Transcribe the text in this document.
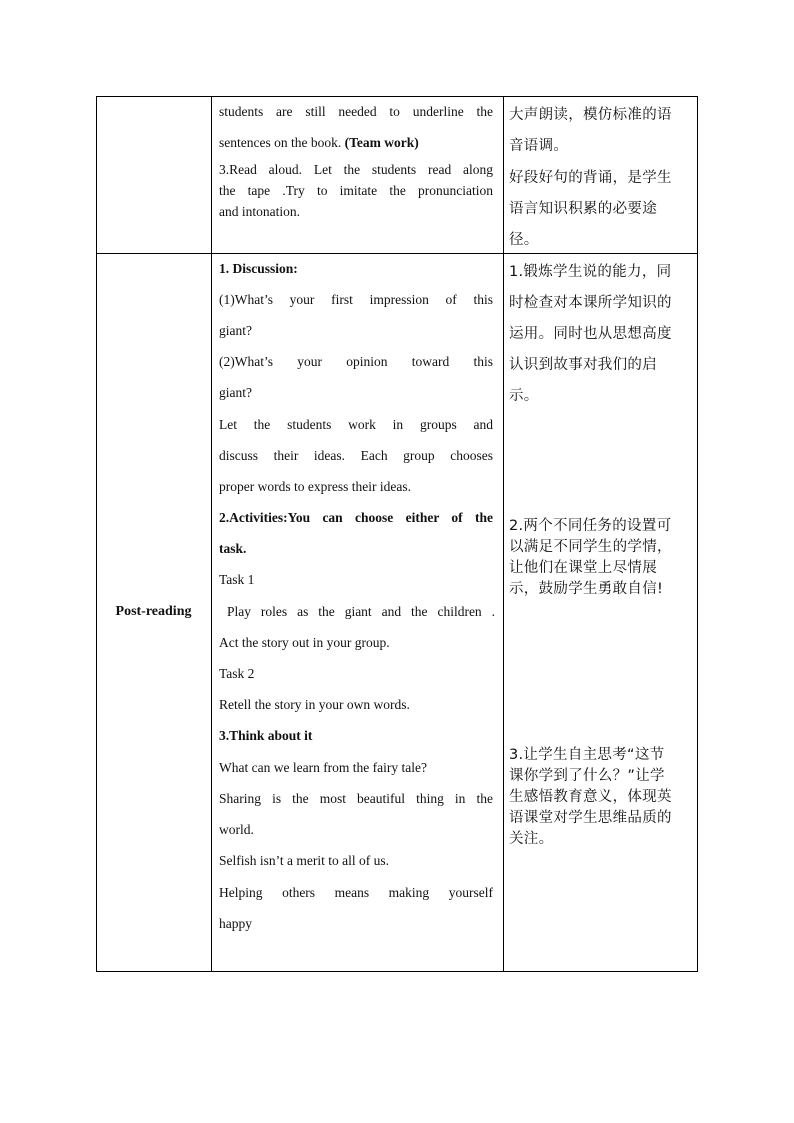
students are still needed to underline the
sentences on the book. (Team work)
3.Read aloud. Let the students read along
the tape .Try to imitate the pronunciation
and intonation.
大声朗读，模仿标准的语
音语调。
好段好句的背诵，是学生
语言知识积累的必要途
径。
Post-reading
1. Discussion:
(1)What’s your first impression of this
giant?
(2)What’s your opinion toward this
giant?
Let the students work in groups and
discuss their ideas. Each group chooses
proper words to express their ideas.
2.Activities:You can choose either of the
task.
Task 1
Play roles as the giant and the children .
Act the story out in your group.
Task 2
Retell the story in your own words.
3.Think about it
What can we learn from the fairy tale?
Sharing is the most beautiful thing in the
world.
Selfish isn’t a merit to all of us.
Helping others means making yourself
happy
1.锻炼学生说的能力，同
时检查对本课所学知识的
运用。同时也从思想高度
认识到故事对我们的启
示。
2.两个不同任务的设置可
以满足不同学生的学情，
让他们在课堂上尽情展
示，鼓励学生勇敢自信!
3.让学生自主思考“这节
课你学到了什么？”让学
生感悟教育意义，体现英
语课堂对学生思维品质的
关注。
